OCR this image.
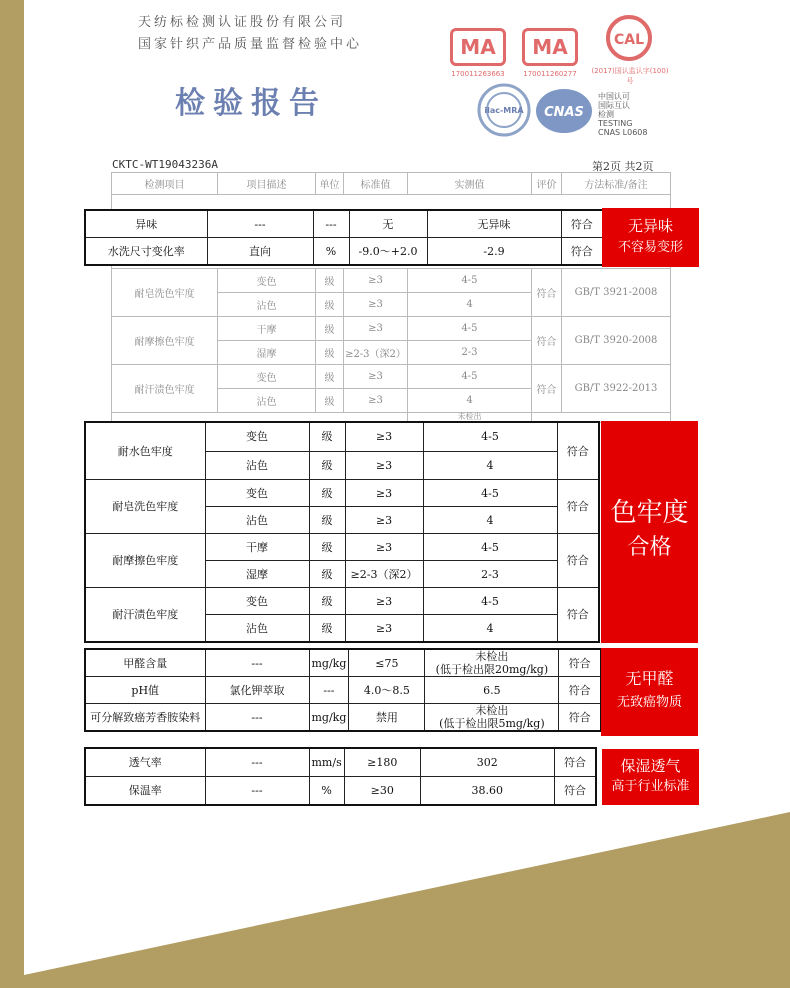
天纺标检测认证股份有限公司
国家针织产品质量监督检验中心
检验报告
MA
170011263663
MA
170011260277
CAL
(2017)国认监认字(100)号
ilac-MRA CNAS
中国认可
国际互认
检测
TESTING
CNAS L0608
CKTC-WT19043236A	第2页 共2页
检测项目	项目描述	单位	标准值	实测值	评价	方法标准/备注

耐皂洗色牢度	变色	级	≥3	4-5	符合	GB/T 3921-2008
	沾色	级	≥3	4		
耐摩擦色牢度	干摩	级	≥3	4-5	符合	GB/T 3920-2008
	湿摩	级	≥2-3（深2）	2-3		
耐汗渍色牢度	变色	级	≥3	4-5	符合	GB/T 3922-2013
	沾色	级	≥3	4		
				未检出		
异味	---	---	无	无异味	符合
水洗尺寸变化率	直向	%	-9.0～+2.0	-2.9	符合
无异味
不容易变形
耐水色牢度	变色	级	≥3	4-5	符合
	沾色	级	≥3	4	
耐皂洗色牢度	变色	级	≥3	4-5	符合
	沾色	级	≥3	4	
耐摩擦色牢度	干摩	级	≥3	4-5	符合
	湿摩	级	≥2-3（深2）	2-3	
耐汗渍色牢度	变色	级	≥3	4-5	符合
	沾色	级	≥3	4	
色牢度
合格
甲醛含量	---	mg/kg	≤75	未检出
(低于检出限20mg/kg)	符合
pH值	氯化钾萃取	---	4.0～8.5	6.5	符合
可分解致癌芳香胺染料	---	mg/kg	禁用	未检出
(低于检出限5mg/kg)	符合
无甲醛
无致癌物质
透气率	---	mm/s	≥180	302	符合
保温率	---	%	≥30	38.60	符合
保湿透气
高于行业标准
